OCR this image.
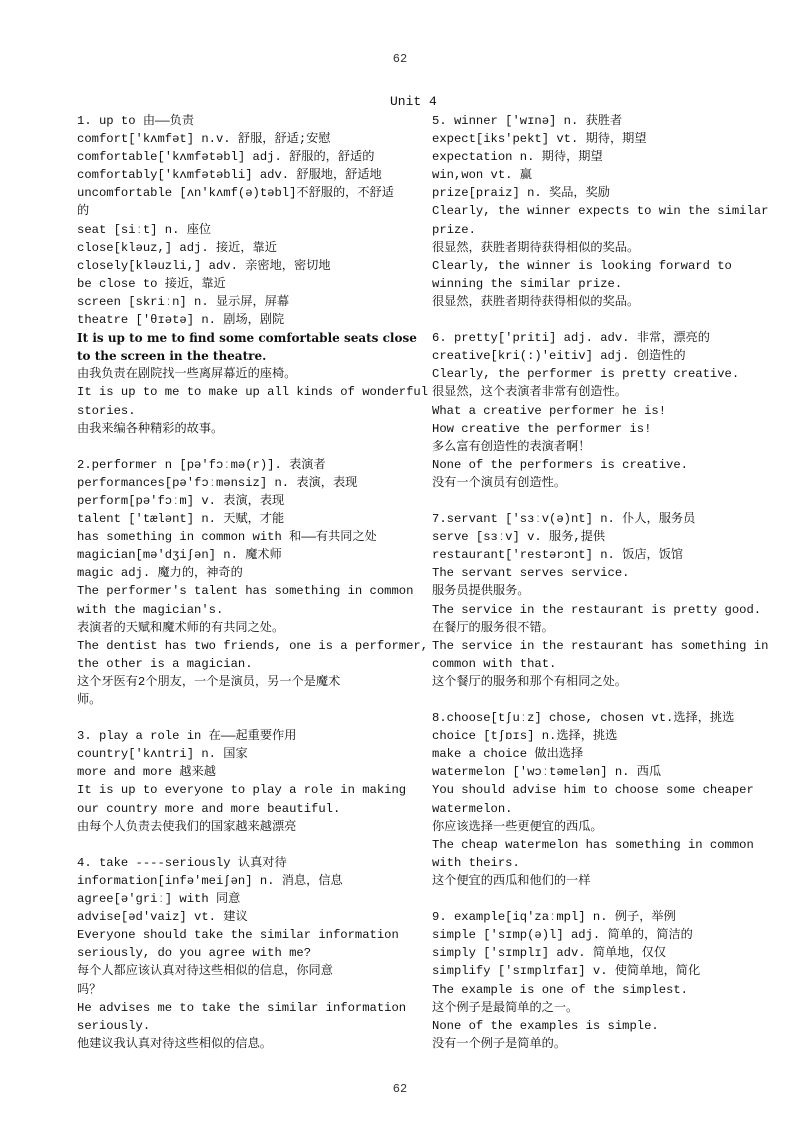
62
Unit 4
1. up to 由——负责
comfort['kʌmfət] n.v. 舒服，舒适;安慰
comfortable['kʌmfətəbl] adj. 舒服的，舒适的
comfortably['kʌmfətəbli] adv. 舒服地，舒适地
uncomfortable [ʌn'kʌmf(ə)təbl]不舒服的，不舒适
的
seat [siːt] n. 座位
close[kləuz,] adj. 接近，靠近
closely[kləuzli,] adv. 亲密地，密切地
be close to 接近，靠近
screen [skriːn] n. 显示屏，屏幕
theatre ['θɪətə] n. 剧场，剧院
It is up to me to find some comfortable seats close
to the screen in the theatre.
由我负责在剧院找一些离屏幕近的座椅。
It is up to me to make up all kinds of wonderful
stories.
由我来编各种精彩的故事。
2.performer n [pə'fɔːmə(r)]. 表演者
performances[pə'fɔːmənsiz] n. 表演，表现
perform[pə'fɔːm] v. 表演，表现
talent ['tælənt] n. 天赋，才能
has something in common with 和——有共同之处
magician[mə'dʒiʃən] n. 魔术师
magic adj. 魔力的，神奇的
The performer's talent has something in common
with the magician's.
表演者的天赋和魔术师的有共同之处。
The dentist has two friends, one is a performer,
the other is a magician.
这个牙医有2个朋友，一个是演员，另一个是魔术
师。
3. play a role in 在——起重要作用
country['kʌntri] n. 国家
more and more 越来越
It is up to everyone to play a role in making
our country more and more beautiful.
由每个人负责去使我们的国家越来越漂亮
4. take ----seriously 认真对待
information[infə'meiʃən] n. 消息，信息
agree[ə'griː] with 同意
advise[əd'vaiz] vt. 建议
Everyone should take the similar information
seriously, do you agree with me?
每个人都应该认真对待这些相似的信息，你同意
吗？
He advises me to take the similar information
seriously.
他建议我认真对待这些相似的信息。
5. winner ['wɪnə] n. 获胜者
expect[iks'pekt] vt. 期待，期望
expectation n. 期待，期望
win,won vt. 赢
prize[praiz] n. 奖品，奖励
Clearly, the winner expects to win the similar
prize.
很显然，获胜者期待获得相似的奖品。
Clearly, the winner is looking forward to
winning the similar prize.
很显然，获胜者期待获得相似的奖品。
6. pretty['priti] adj. adv. 非常，漂亮的
creative[kri(:)'eitiv] adj. 创造性的
Clearly, the performer is pretty creative.
很显然，这个表演者非常有创造性。
What a creative performer he is!
How creative the performer is!
多么富有创造性的表演者啊！
None of the performers is creative.
没有一个演员有创造性。
7.servant ['sɜːv(ə)nt] n. 仆人，服务员
serve [sɜːv] v. 服务,提供
restaurant['restərɔnt] n. 饭店，饭馆
The servant serves service.
服务员提供服务。
The service in the restaurant is pretty good.
在餐厅的服务很不错。
The service in the restaurant has something in
common with that.
这个餐厅的服务和那个有相同之处。
8.choose[tʃuːz] chose, chosen vt.选择，挑选
choice [tʃɒɪs] n.选择，挑选
make a choice 做出选择
watermelon ['wɔːtəmelən] n. 西瓜
You should advise him to choose some cheaper
watermelon.
你应该选择一些更便宜的西瓜。
The cheap watermelon has something in common
with theirs.
这个便宜的西瓜和他们的一样
9. example[iq'zaːmpl] n. 例子，举例
simple ['sɪmp(ə)l] adj. 简单的，简洁的
simply ['sɪmplɪ] adv. 简单地，仅仅
simplify ['sɪmplɪfaɪ] v. 使简单地，简化
The example is one of the simplest.
这个例子是最简单的之一。
None of the examples is simple.
没有一个例子是简单的。
62
